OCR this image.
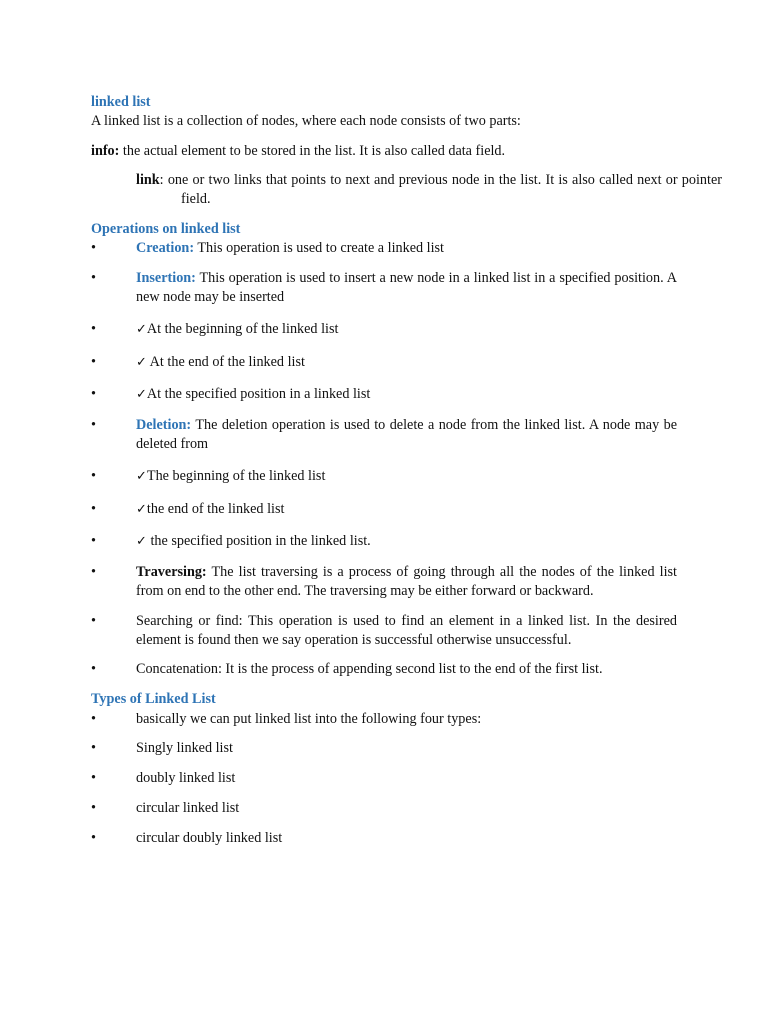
linked list
A linked list is a collection of nodes, where each node consists of two parts:
info: the actual element to be stored in the list. It is also called data field.
link: one or two links that points to next and previous node in the list. It is also called next or pointer field.
Operations on linked list
•	Creation: This operation is used to create a linked list
•	Insertion: This operation is used to insert a new node in a linked list in a specified position. A new node may be inserted
•	✓At the beginning of the linked list
•	✓ At the end of the linked list
•	✓At the specified position in a linked list
•	Deletion: The deletion operation is used to delete a node from the linked list. A node may be deleted from
•	✓The beginning of the linked list
•	✓the end of the linked list
•	✓ the specified position in the linked list.
•	Traversing: The list traversing is a process of going through all the nodes of the linked list from on end to the other end. The traversing may be either forward or backward.
•	Searching or find: This operation is used to find an element in a linked list. In the desired element is found then we say operation is successful otherwise unsuccessful.
•	Concatenation: It is the process of appending second list to the end of the first list.
Types of Linked List
•	basically we can put linked list into the following four types:
•	Singly linked list
•	doubly linked list
•	circular linked list
•	circular doubly linked list
